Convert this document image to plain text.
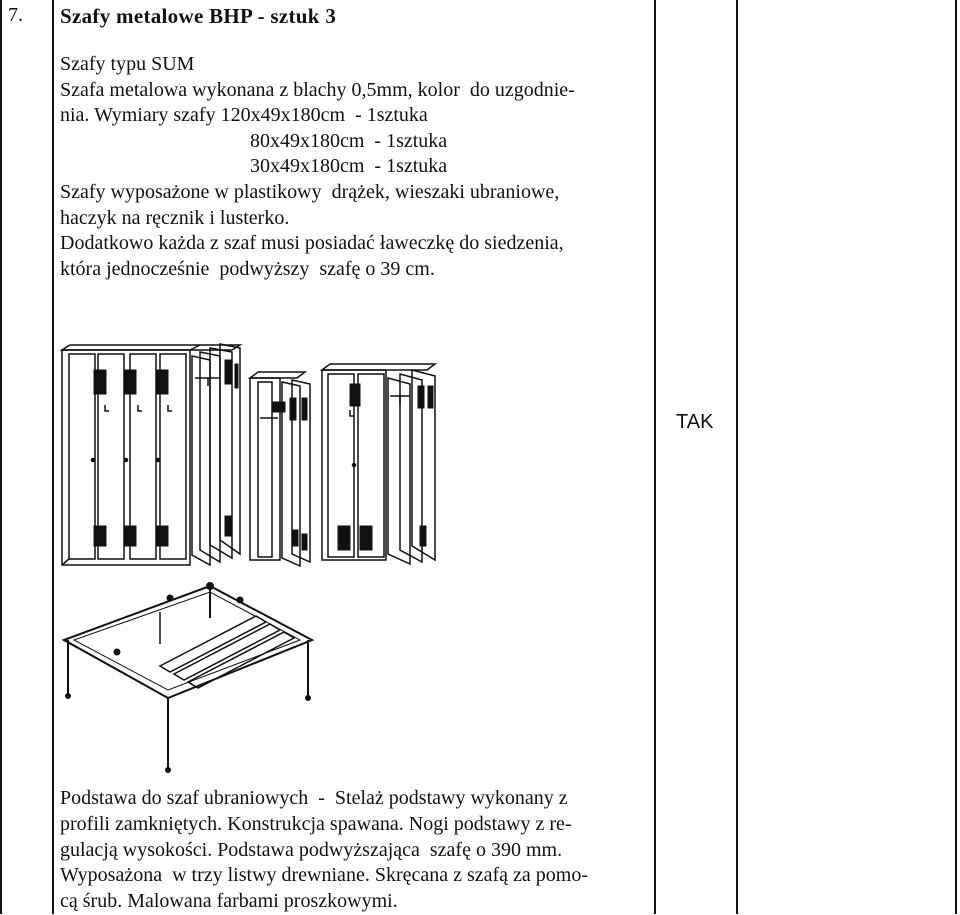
7. Szafy metalowe BHP - sztuk 3
Szafy typu SUM
Szafa metalowa wykonana z blachy 0,5mm, kolor  do uzgodnie-
nia. Wymiary szafy 120x49x180cm  - 1sztuka
80x49x180cm  - 1sztuka
30x49x180cm  - 1sztuka
Szafy wyposażone w plastikowy  drążek, wieszaki ubraniowe,
haczyk na ręcznik i lusterko.
Dodatkowo każda z szaf musi posiadać ławeczkę do siedzenia,
która jednocześnie  podwyższy  szafę o 39 cm.
TAK
Podstawa do szaf ubraniowych  -  Stelaż podstawy wykonany z
profili zamkniętych. Konstrukcja spawana. Nogi podstawy z re-
gulacją wysokości. Podstawa podwyższająca  szafę o 390 mm.
Wyposażona  w trzy listwy drewniane. Skręcana z szafą za pomo-
cą śrub. Malowana farbami proszkowymi.
